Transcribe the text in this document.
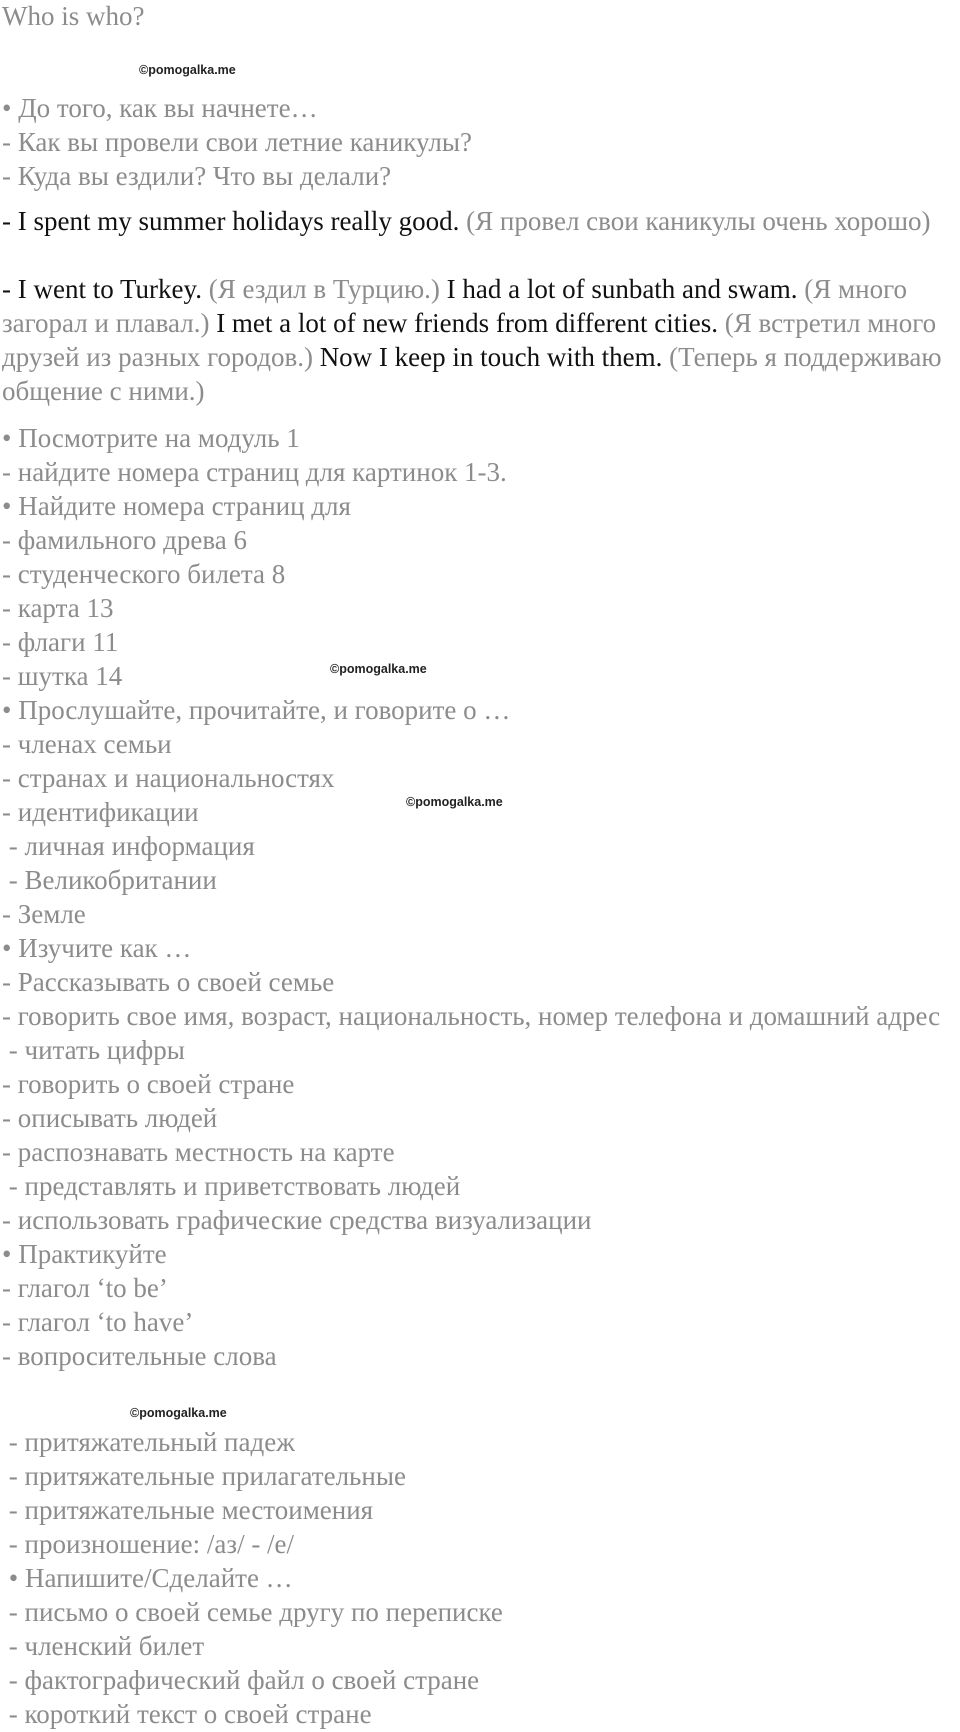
Who is who?
©pomogalka.me
©pomogalka.me
©pomogalka.me
©pomogalka.me
• До того, как вы начнете…
- Как вы провели свои летние каникулы?
- Куда вы ездили? Что вы делали?
- I spent my summer holidays really good. (Я провел свои каникулы очень хорошо)
- I went to Turkey. (Я ездил в Турцию.) I had a lot of sunbath and swam. (Я много загорал и плавал.) I met a lot of new friends from different cities. (Я встретил много друзей из разных городов.) Now I keep in touch with them. (Теперь я поддерживаю общение с ними.)
• Посмотрите на модуль 1
- найдите номера страниц для картинок 1-3.
• Найдите номера страниц для
- фамильного древа 6
- студенческого билета 8
- карта 13
- флаги 11
- шутка 14
• Прослушайте, прочитайте, и говорите о …
- членах семьи
- странах и национальностях
- идентификации
- личная информация
- Великобритании
- Земле
• Изучите как …
- Рассказывать о своей семье
- говорить свое имя, возраст, национальность, номер телефона и домашний адрес
- читать цифры
- говорить о своей стране
- описывать людей
- распознавать местность на карте
- представлять и приветствовать людей
- использовать графические средства визуализации
• Практикуйте
- глагол ‘to be’
- глагол ‘to have’
- вопросительные слова
- притяжательный падеж
- притяжательные прилагательные
- притяжательные местоимения
- произношение: /аз/ - /е/
• Напишите/Сделайте …
- письмо о своей семье другу по переписке
- членский билет
- фактографический файл о своей стране
- короткий текст о своей стране
